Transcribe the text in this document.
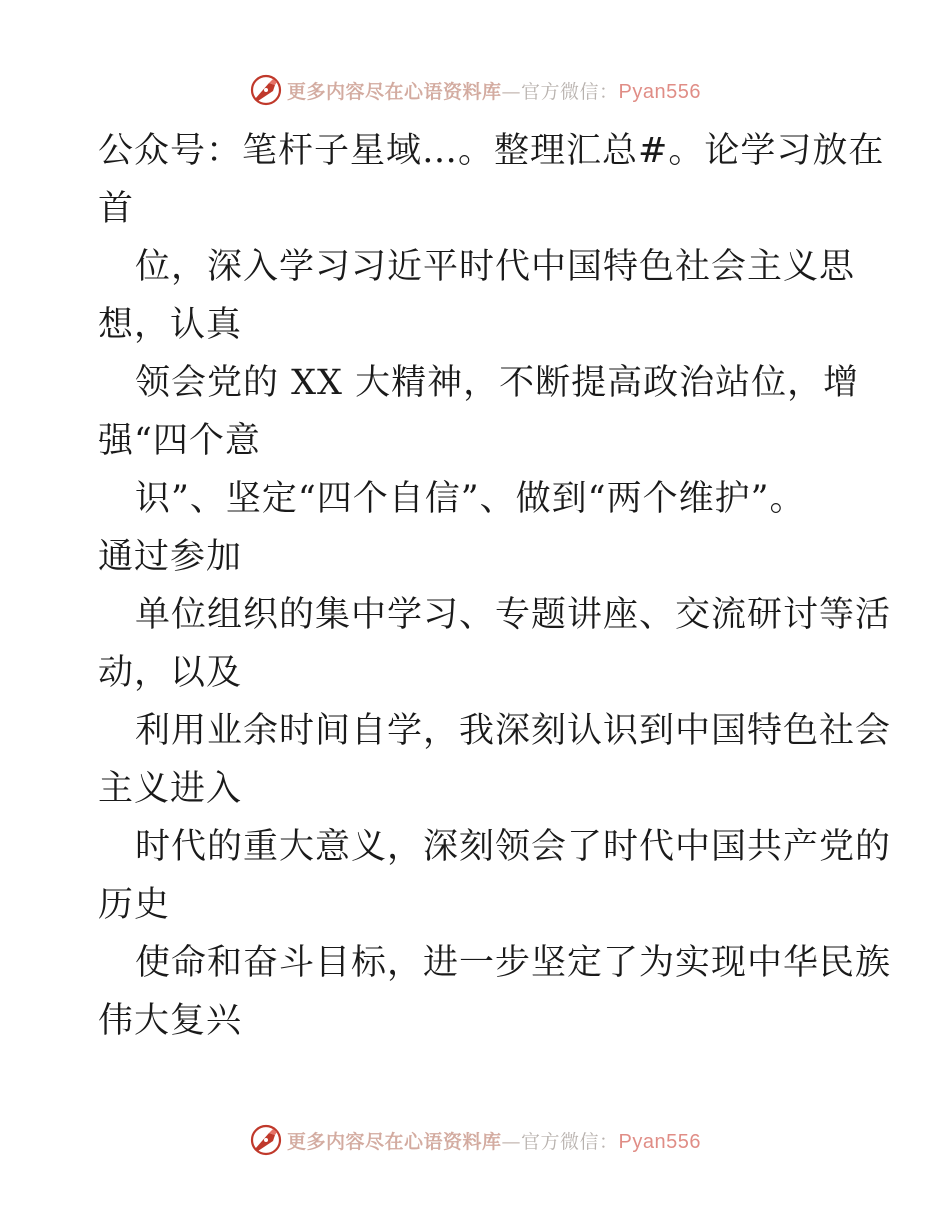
更多内容尽在心语资料库—官方微信：Pyan556
公众号：笔杆子星域…。整理汇总#。论学习放在
首
位，深入学习习近平时代中国特色社会主义思
想，认真
领会党的 XX 大精神，不断提高政治站位，增
强“四个意
识”、坚定“四个自信”、做到“两个维护”。
通过参加
单位组织的集中学习、专题讲座、交流研讨等活
动，以及
利用业余时间自学，我深刻认识到中国特色社会
主义进入
时代的重大意义，深刻领会了时代中国共产党的
历史
使命和奋斗目标，进一步坚定了为实现中华民族
伟大复兴
更多内容尽在心语资料库—官方微信：Pyan556
